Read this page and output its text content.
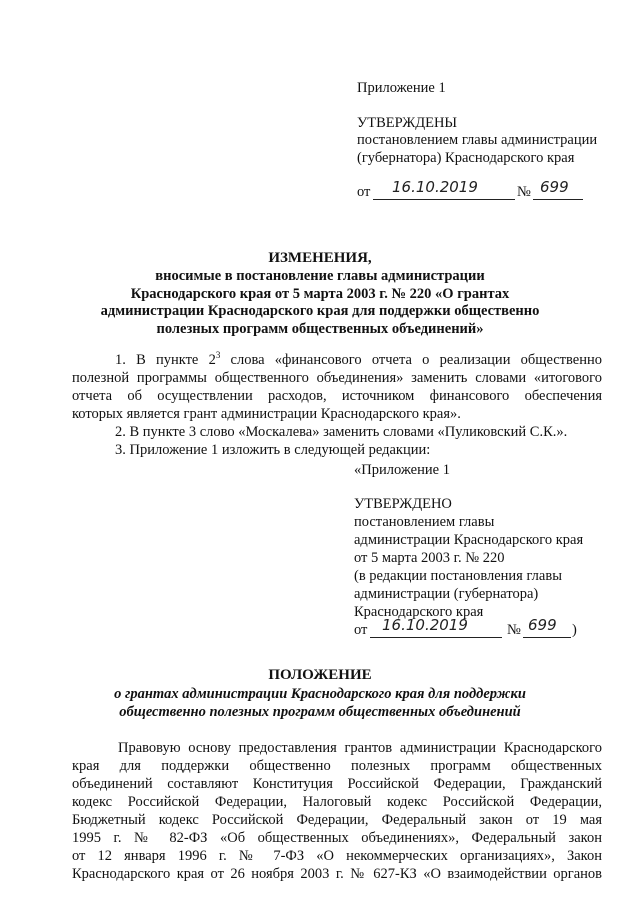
Приложение 1
УТВЕРЖДЕНЫ
постановлением главы администрации
(губернатора) Краснодарского края
от 16.10.2019	№ 699
ИЗМЕНЕНИЯ,
вносимые в постановление главы администрации
Краснодарского края от 5 марта 2003 г. № 220 «О грантах
администрации Краснодарского края для поддержки общественно
полезных программ общественных объединений»
1. В пункте $2^3$ слова «финансового отчета о реализации общественно
полезной программы общественного объединения» заменить словами «итогового
отчета об осуществлении расходов, источником финансового обеспечения
которых является грант администрации Краснодарского края».
2. В пункте 3 слово «Москалева» заменить словами «Пуликовский С.К.».
3. Приложение 1 изложить в следующей редакции:
«Приложение 1
УТВЕРЖДЕНО
постановлением главы
администрации Краснодарского края
от 5 марта 2003 г. № 220
(в редакции постановления главы
администрации (губернатора)
Краснодарского края
от 16.10.2019	№ 699 )
ПОЛОЖЕНИЕ
о грантах администрации Краснодарского края для поддержки
общественно полезных программ общественных объединений
Правовую основу предоставления грантов администрации Краснодарского
края для поддержки общественно полезных программ общественных
объединений составляют Конституция Российской Федерации, Гражданский
кодекс Российской Федерации, Налоговый кодекс Российской Федерации,
Бюджетный кодекс Российской Федерации, Федеральный закон от 19 мая
1995 г. № 82-ФЗ «Об общественных объединениях», Федеральный закон
от 12 января 1996 г. № 7-ФЗ «О некоммерческих организациях», Закон
Краснодарского края от 26 ноября 2003 г. № 627-КЗ «О взаимодействии органов
